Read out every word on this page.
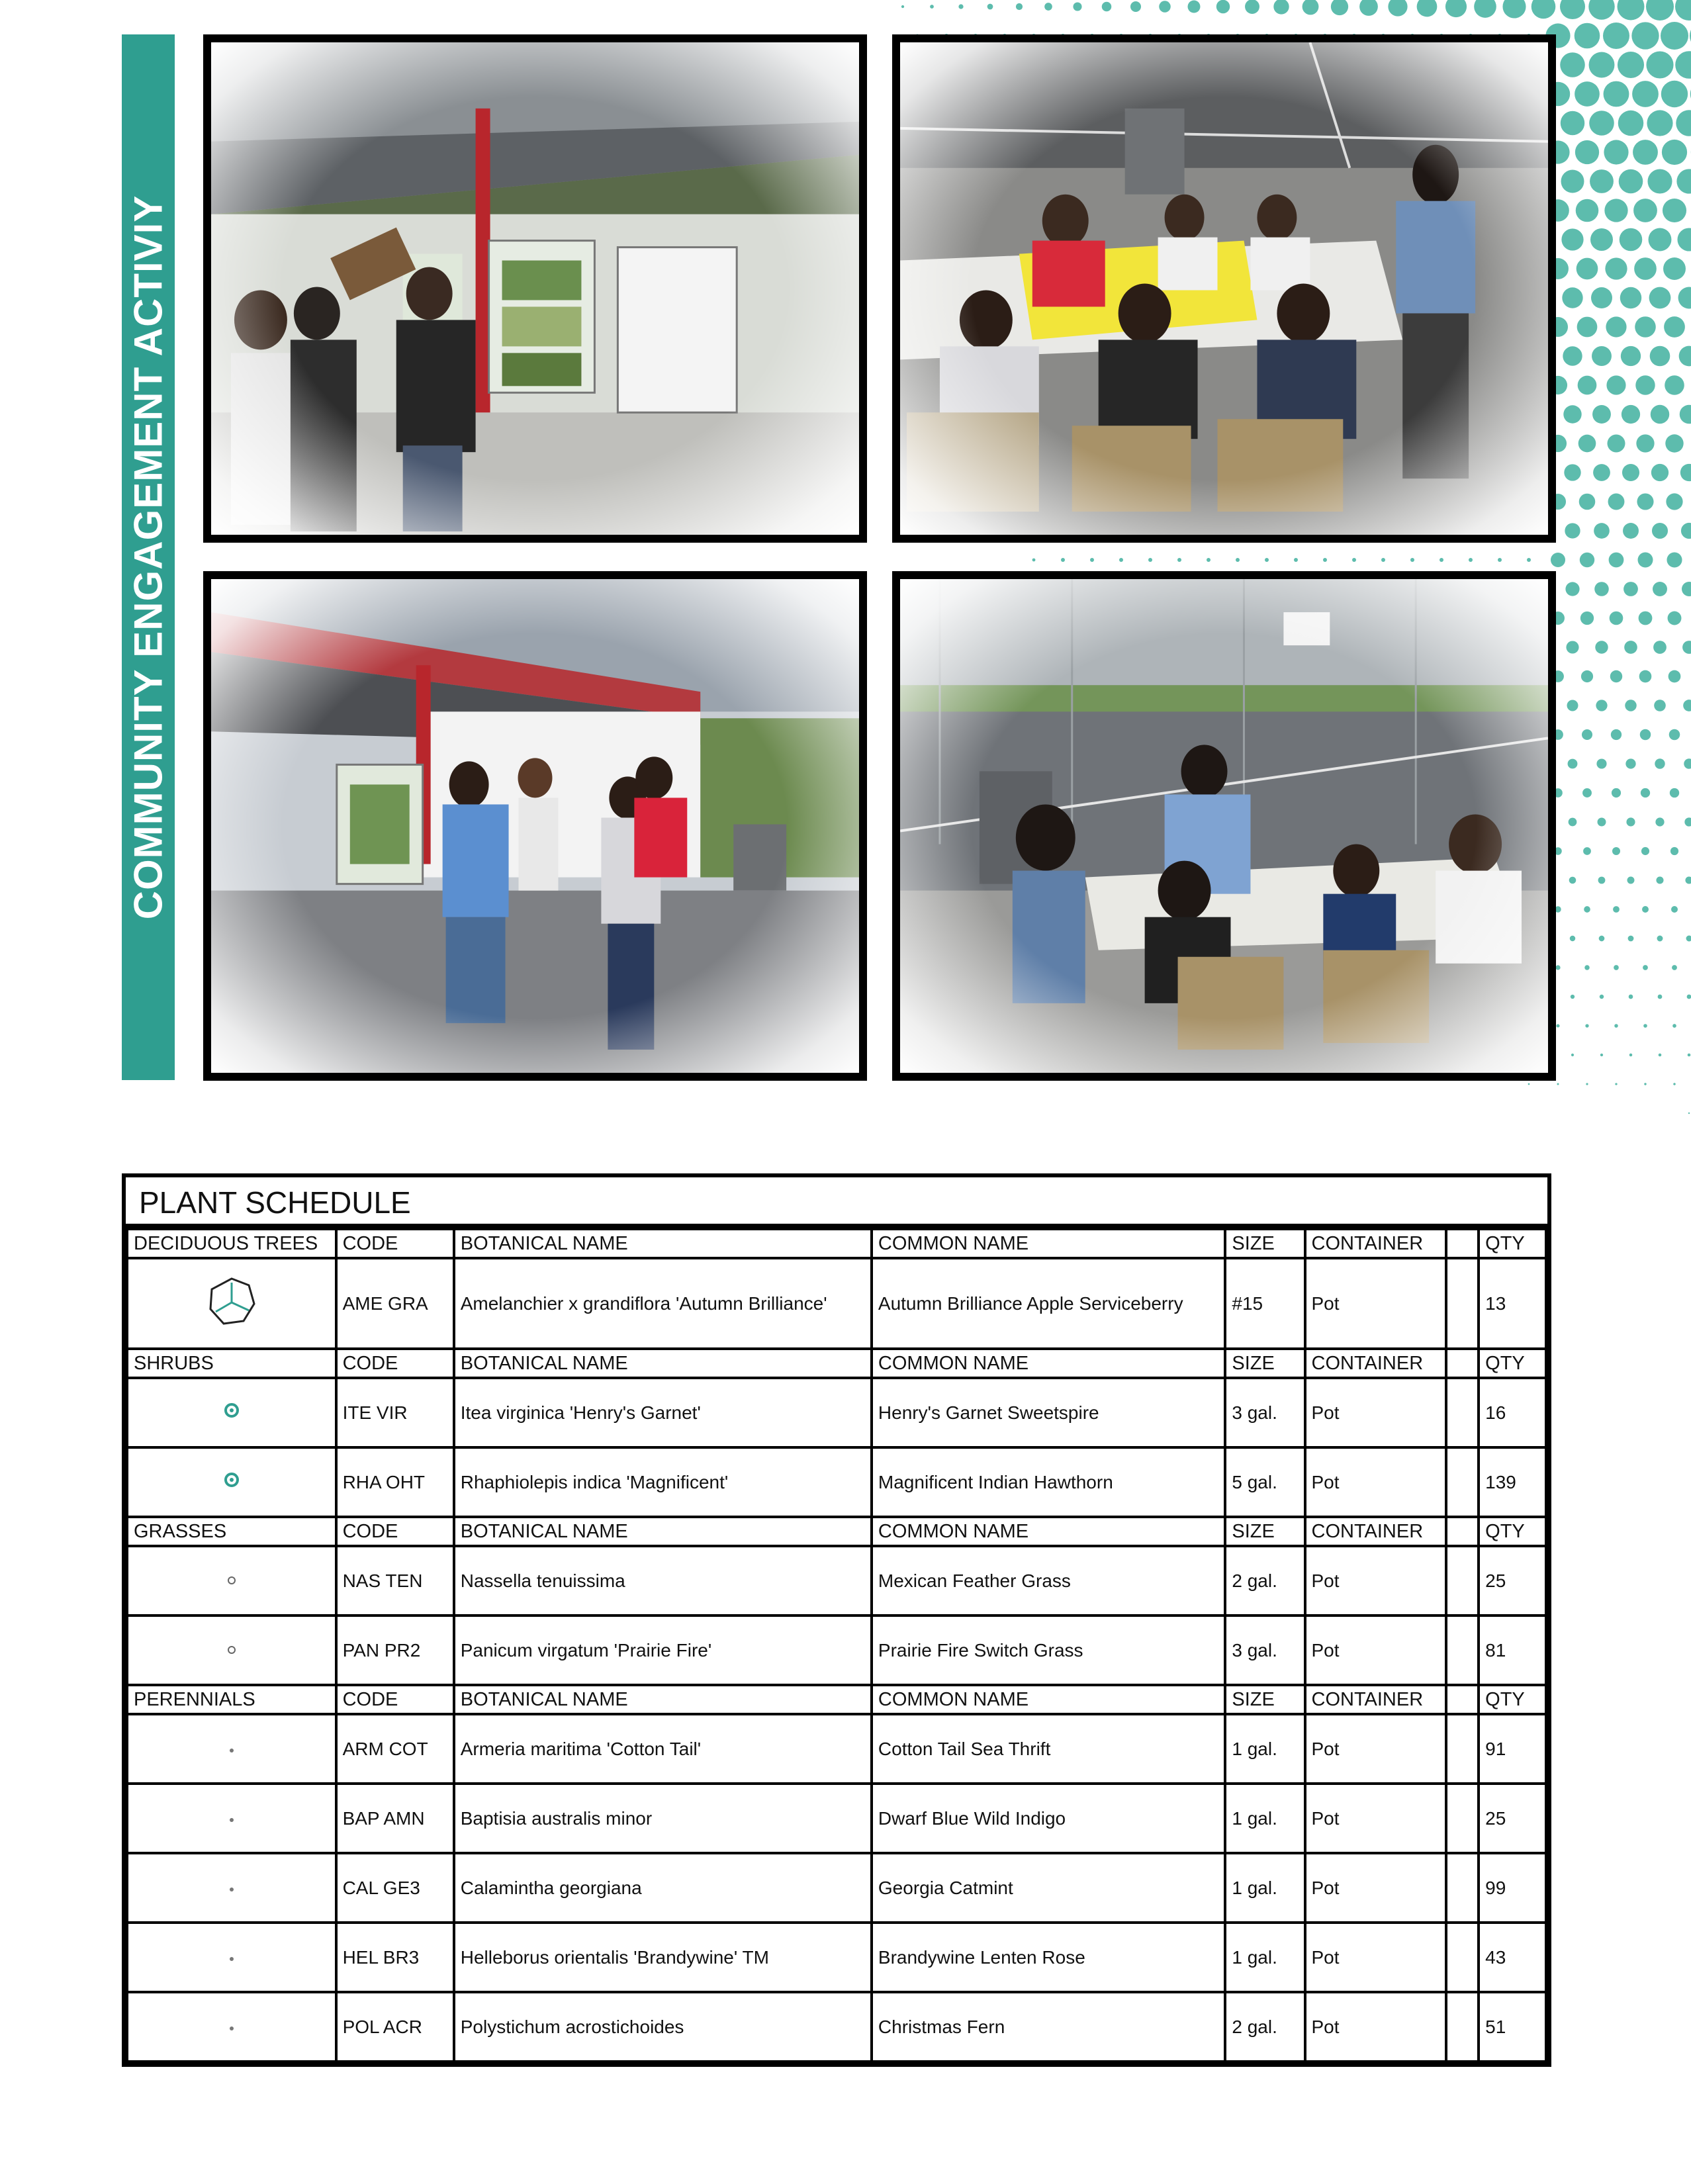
COMMUNITY ENGAGEMENT ACTIVIY
PLANT SCHEDULE
DECIDUOUS TREES	CODE	BOTANICAL NAME	COMMON NAME	SIZE	CONTAINER		QTY
	AME GRA	Amelanchier x grandiflora 'Autumn Brilliance'	Autumn Brilliance Apple Serviceberry	#15	Pot		13
SHRUBS	CODE	BOTANICAL NAME	COMMON NAME	SIZE	CONTAINER		QTY
	ITE VIR	Itea virginica 'Henry's Garnet'	Henry's Garnet Sweetspire	3 gal.	Pot		16
	RHA OHT	Rhaphiolepis indica 'Magnificent'	Magnificent Indian Hawthorn	5 gal.	Pot		139
GRASSES	CODE	BOTANICAL NAME	COMMON NAME	SIZE	CONTAINER		QTY
	NAS TEN	Nassella tenuissima	Mexican Feather Grass	2 gal.	Pot		25
	PAN PR2	Panicum virgatum 'Prairie Fire'	Prairie Fire Switch Grass	3 gal.	Pot		81
PERENNIALS	CODE	BOTANICAL NAME	COMMON NAME	SIZE	CONTAINER		QTY
	ARM COT	Armeria maritima 'Cotton Tail'	Cotton Tail Sea Thrift	1 gal.	Pot		91
	BAP AMN	Baptisia australis minor	Dwarf Blue Wild Indigo	1 gal.	Pot		25
	CAL GE3	Calamintha georgiana	Georgia Catmint	1 gal.	Pot		99
	HEL BR3	Helleborus orientalis 'Brandywine' TM	Brandywine Lenten Rose	1 gal.	Pot		43
	POL ACR	Polystichum acrostichoides	Christmas Fern	2 gal.	Pot		51
